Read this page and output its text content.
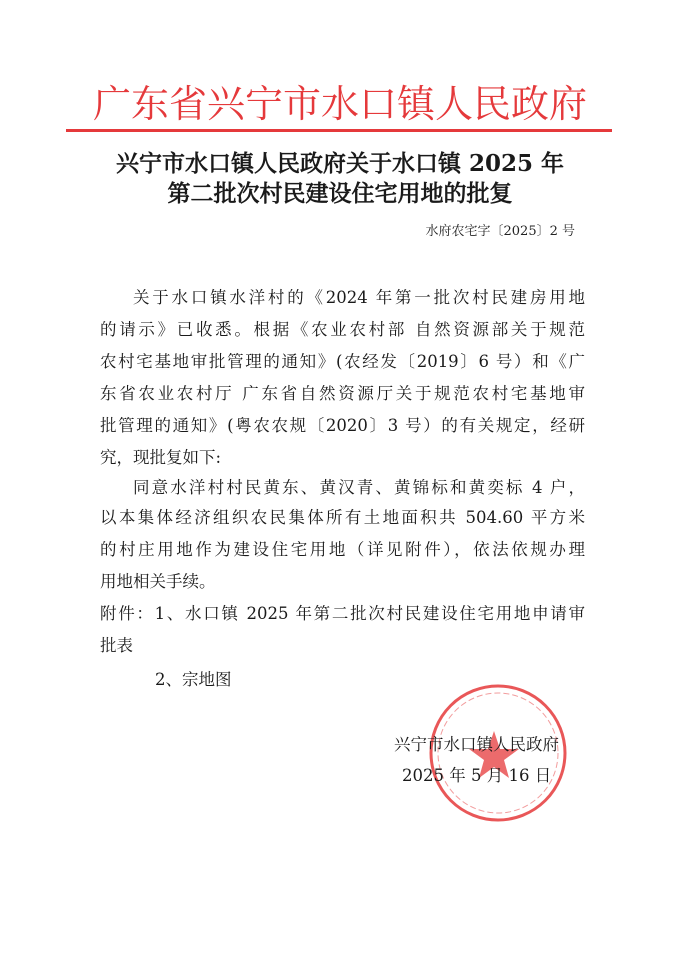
广东省兴宁市水口镇人民政府
兴宁市水口镇人民政府关于水口镇 2025 年
第二批次村民建设住宅用地的批复
水府农宅字〔2025〕2 号
关于水口镇水洋村的《2024 年第一批次村民建房用地
的请示》已收悉。根据《农业农村部 自然资源部关于规范
农村宅基地审批管理的通知》(农经发〔2019〕6 号）和《广
东省农业农村厅 广东省自然资源厅关于规范农村宅基地审
批管理的通知》(粤农农规〔2020〕3 号）的有关规定，经研
究，现批复如下:
同意水洋村村民黄东、黄汉青、黄锦标和黄奕标 4 户，
以本集体经济组织农民集体所有土地面积共 504.60 平方米
的村庄用地作为建设住宅用地（详见附件），依法依规办理
用地相关手续。
附件：1、水口镇 2025 年第二批次村民建设住宅用地申请审
批表
2、宗地图
兴宁市水口镇人民政府
2025 年 5 月 16 日
